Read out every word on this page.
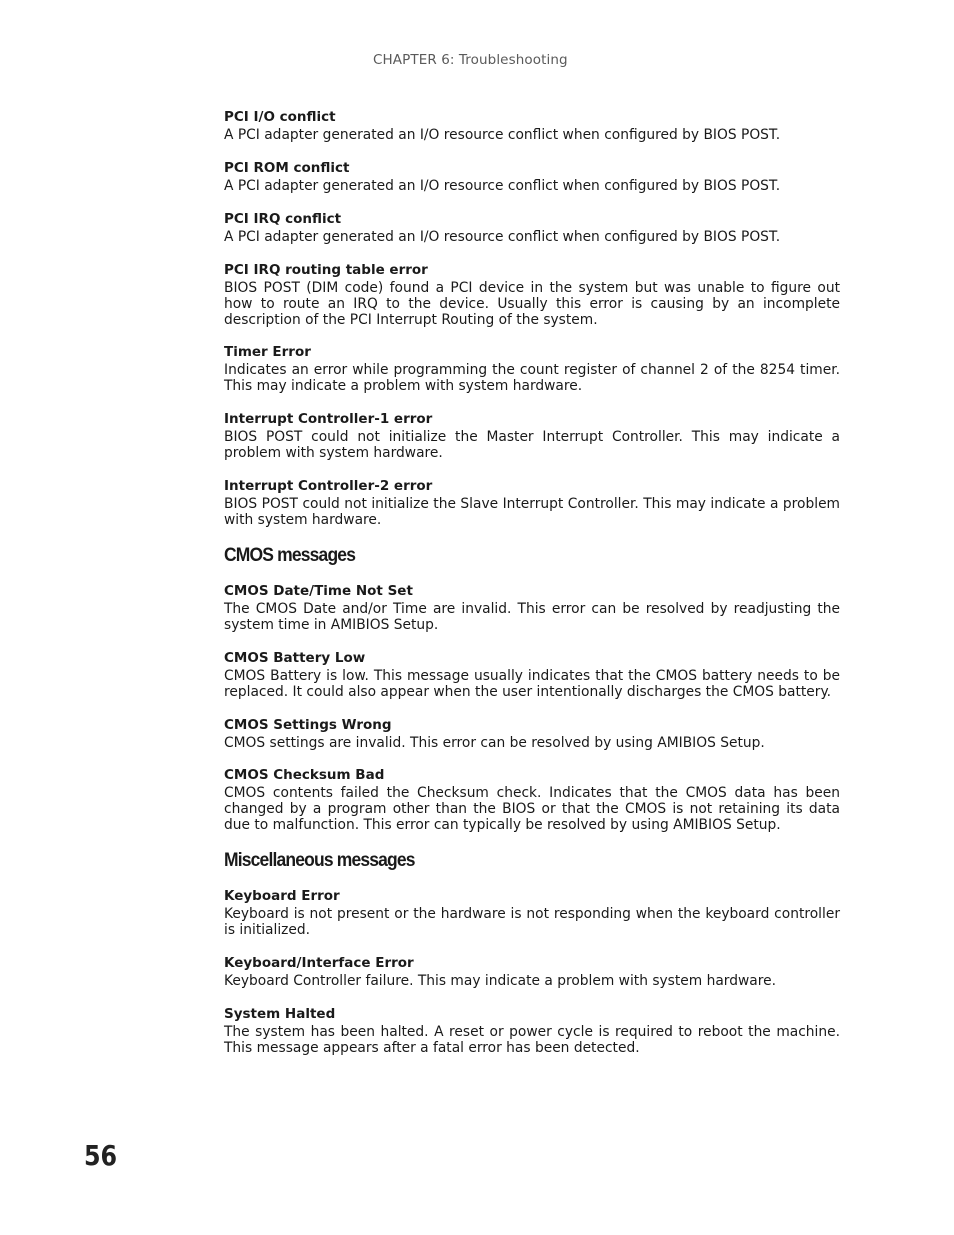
CHAPTER 6: Troubleshooting
PCI I/O conflict

A PCI adapter generated an I/O resource conflict when configured by BIOS POST.

PCI ROM conflict

A PCI adapter generated an I/O resource conflict when configured by BIOS POST.

PCI IRQ conflict

A PCI adapter generated an I/O resource conflict when configured by BIOS POST.

PCI IRQ routing table error

BIOS POST (DIM code) found a PCI device in the system but was unable to figure out how to route an IRQ to the device. Usually this error is causing by an incomplete description of the PCI Interrupt Routing of the system.

Timer Error

Indicates an error while programming the count register of channel 2 of the 8254 timer. This may indicate a problem with system hardware.

Interrupt Controller-1 error

BIOS POST could not initialize the Master Interrupt Controller. This may indicate a problem with system hardware.

Interrupt Controller-2 error

BIOS POST could not initialize the Slave Interrupt Controller. This may indicate a problem with system hardware.

CMOS messages
CMOS Date/Time Not Set

The CMOS Date and/or Time are invalid. This error can be resolved by readjusting the system time in AMIBIOS Setup.

CMOS Battery Low

CMOS Battery is low. This message usually indicates that the CMOS battery needs to be replaced. It could also appear when the user intentionally discharges the CMOS battery.

CMOS Settings Wrong

CMOS settings are invalid. This error can be resolved by using AMIBIOS Setup.

CMOS Checksum Bad

CMOS contents failed the Checksum check. Indicates that the CMOS data has been changed by a program other than the BIOS or that the CMOS is not retaining its data due to malfunction. This error can typically be resolved by using AMIBIOS Setup.

Miscellaneous messages
Keyboard Error

Keyboard is not present or the hardware is not responding when the keyboard controller is initialized.

Keyboard/Interface Error

Keyboard Controller failure. This may indicate a problem with system hardware.

System Halted

The system has been halted. A reset or power cycle is required to reboot the machine. This message appears after a fatal error has been detected.

56
